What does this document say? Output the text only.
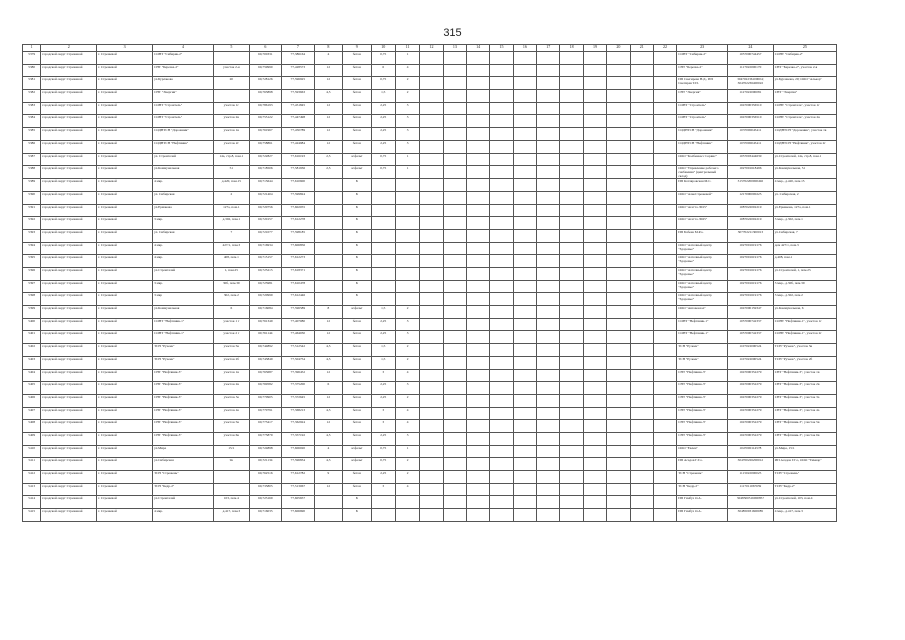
315
1	2	3	4	5	6	7	8	9	10	11	12	13	14	15	16	17	18	19	20	21	22	23	24	25
5379	городской округ Стрежевой	г. Стрежевой	СОНТ "Сибиряк-2"		60,700331	77,386164	4	бетон	0,75	1												СОНТ "Сибиряк-2"	1057000744457	СОНТ "Сибиряк-2"
5380	городской округ Стрежевой	г. Стрежевой	СНТ "Березка-2"	участок 2-я	60,759990	77,428573	12	бетон	6	4												СНТ "Березка-2"	1117022000170	СНТ "Березка-2", участок 2-я
5381	городской округ Стрежевой	г. Стрежевой	ул.Бурлакова	20	60,728126	77,596925	12	бетон	0,75	2												ИП Снегирева Н.Д., ИП Снегирев Т.И.	304702236100004; 304702236400022	ул.Бурлакова, 20; ООО "Алькор"
5382	городской округ Стрежевой	г. Стрежевой	СНТ "Энергия"		60,763898	77,593663	4,5	бетон	1,5	2												СНТ "Энергия"	1127022000081	СНТ "Энергия"
5383	городской округ Стрежевой	г. Стрежевой	СОНТ "Строитель"	участок 1г	60,786193	77,451845	12	бетон	2,25	3												СОНТ "Строитель"	1047000356510	СОНТ "Строитель", участок 1г
5384	городской округ Стрежевой	г. Стрежевой	СОНТ "Строитель"	участок 2в	60,755122	77,447498	12	бетон	2,25	3												СОНТ "Строитель"	1047000356510	СОНТ "Строитель", участок 2в
5385	городской округ Стрежевой	г. Стрежевой	СОДНТСН "Дорожник"	участок 1в	60,761967	77,450789	12	бетон	2,25	3												СОДНТСН "Дорожник"	1037000045411	СОДНТСН "Дорожник", участок 1в
5386	городской округ Стрежевой	г. Стрежевой	СОДНТСН "Нефтяник"	участок 2г	60,758861	77,424984	12	бетон	2,25	3												СОДНТСН "Нефтяник"	1037000045411	СОДНТСН "Нефтяник", участок 2г
5387	городской округ Стрежевой	г. Стрежевой	ул. Строителей	14а, стр.8, пом.1	60,722827	77,616193	2,5	асфальт	0,75	1												ООО "Калбенкасс Сервис"	1057003444639	ул.Строителей, 14а, стр.8, пом.1
5388	городской округ Стрежевой	г. Стрежевой	ул.Коммунальная	51	60,718506	77,581936	2,5	асфальт	0,75	1												ООО "Управление рабочего снабжения" (центральный склад)	1027001618496	ул.Коммунальная, 51
5389	городской округ Стрежевой	г. Стрежевой	4 мкр.	д.420, пом.15	60,715644	77,610600		Б														ИП Котляровская М.С.	315702200000492	4 мкр., д.420, пом.15
5390	городской округ Стрежевой	г. Стрежевой	ул. Сибирская	2	60,721404	77,599824		Б														ООО "АлкоСтрежевой"	1217000000225	ул. Сибирская, 2
5391	городской округ Стрежевой	г. Стрежевой	ул.Ермакова	127а, пом.1	60,720756	77,602055		Б														ООО "Агетта Л015"	1087022002219	ул.Ермакова, 127а, пом.1
5392	городской округ Стрежевой	г. Стрежевой	3 мкр.	д.302, пом.1	60,720157	77,612278		Б														ООО "Агетта Л025"	1087022002219	3 мкр., д.302, пом.1
5393	городской округ Стрежевой	г. Стрежевой	ул. Сибирская	7	60,721077	77,598185		Б														ИП Бобеев М.Р.о.	307702211300013	ул.Сибирская, 7
5394	городской округ Стрежевой	г. Стрежевой	4 мкр.	427/1, пом.3	60,716934	77,606856		Б														ООО "Алтечный центр "Здоровье"	1027001619176	дом 427/1, пом.3
5395	городской округ Стрежевой	г. Стрежевой	4 мкр.	408, пом.1	60,715157	77,612273		Б														ООО "Алтечный центр "Здоровье"	1027001619176	д.408, пом.1
5396	городской округ Стрежевой	г. Стрежевой	ул.Строителей	1, пом.25	60,725215	77,618371		Б														ООО "Алтечный центр "Здоровье"	1027001619176	ул.Строителей, 1, пом.25
5397	городской округ Стрежевой	г. Стрежевой	3 мкр.	30б, пом.39	60,725981	77,610478		Б														ООО "Алтечный центр "Здоровье"	1027001619176	3 мкр., д.30б, пом.39
5398	городской округ Стрежевой	г. Стрежевой	3 мкр	302, пом.2	60,720999	77,612446		Б														ООО "Алтечный центр "Здоровье"	1027001619176	3 мкр., д.302, пом.2
5399	городской округ Стрежевой	г. Стрежевой	ул.Коммунальная	6	60,716084	77,596589	8	асфальт	1,5	2												ООО "Автовокзал"	1047000159347	ул.Коммунальная, 6
5400	городской округ Стрежевой	г. Стрежевой	СОНТ "Нефтяник-1"	участок 1 г	60,761349	77,407080	12	бетон	2,25	3												СОНТ "Нефтяник-1"	1057000742337	СОНТ "Нефтяник-1", участок 1г
5401	городской округ Стрежевой	г. Стрежевой	СОНТ "Нефтяник-1"	участок 2 г	60,761144	77,464030	12	бетон	2,25	3												СОНТ "Нефтяник-1"	1057000742337	СОНТ "Нефтяник-1", участок 2г
5402	городской округ Стрежевой	г. Стрежевой	ТСН "Ручеек"	участок 5в	60,744892	77,512542	4,5	бетон	1,5	2												ТСН "Ручеек"	1107022000524	ТСН "Ручеек", участок 5в
5403	городской округ Стрежевой	г. Стрежевой	ТСН "Ручеек"	участок 2б	60,743849	77,504754	4,5	бетон	1,5	2												ТСН "Ручеек"	1107022000524	ТСН "Ручеек", участок 2б
5404	городской округ Стрежевой	г. Стрежевой	СНТ "Нефтяник-3"	участок 1в	60,763687	77,396452	12	бетон	3	4												СНТ "Нефтяник-3"	1047000352279	СНТ "Нефтяник-3", участок 1в
5405	городской округ Стрежевой	г. Стрежевой	СНТ "Нефтяник-3"	участок 2в	60,769582	77,375200	6	бетон	2,25	3												СНТ "Нефтяник-3"	1047000352279	СНТ "Нефтяник-3", участок 2в
5406	городской округ Стрежевой	г. Стрежевой	СНТ "Нефтяник-3"	участок 3а	60,770905	77,372645	12	бетон	2,25	2												СНТ "Нефтяник-3"	1047000352279	СНТ "Нефтяник-3", участок 3а
5407	городской округ Стрежевой	г. Стрежевой	СНТ "Нефтяник-3"	участок 4а	60,770791	77,368213	4,5	бетон	3	4												СНТ "Нефтяник-3"	1047000352279	СНТ "Нефтяник-3", участок 4а
5408	городской округ Стрежевой	г. Стрежевой	СНТ "Нефтяник-3"	участок 5в	60,773417	77,362924	12	бетон	3	4												СНТ "Нефтяник-3"	1047000352279	СНТ "Нефтяник-3", участок 5в
5409	городской округ Стрежевой	г. Стрежевой	СНТ "Нефтяник-3"	участок 6в	60,775879	77,357192	4,5	бетон	2,25	3												СНТ "Нефтяник-3"	1047000352279	СНТ "Нефтяник-3", участок 6в
5410	городской округ Стрежевой	г. Стрежевой	ул.Мира	15/1	60,724898	77,606020	4	асфальт	0,75	1												ООО "Евлен"	1047000114578	ул.Мира, 15/1
5411	городской округ Стрежевой	г. Стрежевой	ул.Сибирская	9а	60,721134	77,596834	4,5	асфальт	0,75	2												ИП Асадов Г.Г.о.	304700226200012	ИП Асадов Г.Г.о, ООО "Тимаар"
5412	городской округ Стрежевой	г. Стрежевой	ТСН "Стрежень"		60,762516	77,612782	9	бетон	2,25	2												ТСН "Стрежень"	1115022000025	ТСН "Стрежень"
5413	городской округ Стрежевой	г. Стрежевой	ТСН "Кедр-2"		60,735805	77,513067	12	бетон	3	4												ТСН "Кедр-2"	1117011067659	ТСН "Кедр-2"
5414	городской округ Стрежевой	г. Стрежевой	ул.Строителей	103, пом.4	60,723169	77,605657		Б														ИП Гамбуз О.А.	304850031600085?	ул.Строителей, 103, пом.4
5415	городской округ Стрежевой	г. Стрежевой	4 мкр.	д.417, пом.3	60,716035	77,606690		Б														ИП Гамбуз О.А.	304850031600085	4 мкр., д.417, пом.3
